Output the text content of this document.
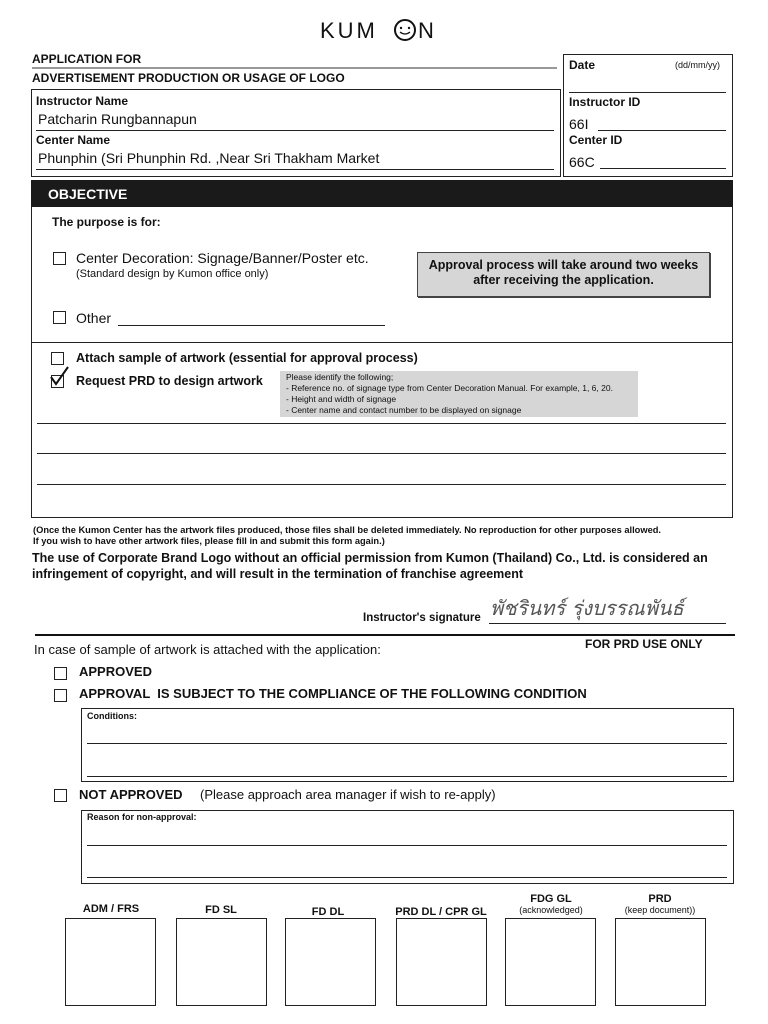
KUM N
APPLICATION FOR
ADVERTISEMENT PRODUCTION OR USAGE OF LOGO
Instructor Name
Patcharin Rungbannapun
Center Name
Phunphin (Sri Phunphin Rd. ,Near Sri Thakham Market
Date	(dd/mm/yy)
Instructor ID
66I
Center ID
66C
OBJECTIVE
The purpose is for:
Center Decoration: Signage/Banner/Poster etc.
(Standard design by Kumon office only)
Approval process will take around two weeks after receiving the application.
Other
Attach sample of artwork (essential for approval process)
Request PRD to design artwork	Please identify the following;
- Reference no. of signage type from Center Decoration Manual. For example, 1, 6, 20.
- Height and width of signage
- Center name and contact number to be displayed on signage
(Once the Kumon Center has the artwork files produced, those files shall be deleted immediately. No reproduction for other purposes allowed.
If you wish to have other artwork files, please fill in and submit this form again.)
The use of Corporate Brand Logo without an official permission from Kumon (Thailand) Co., Ltd. is considered an
infringement of copyright, and will result in the termination of franchise agreement
Instructor's signature พัชรินทร์ รุ่งบรรณพันธ์
FOR PRD USE ONLY
In case of sample of artwork is attached with the application:
APPROVED
APPROVAL  IS SUBJECT TO THE COMPLIANCE OF THE FOLLOWING CONDITION
Conditions:
NOT APPROVED (Please approach area manager if wish to re-apply)
Reason for non-approval:
ADM / FRS	FD SL	FD DL	PRD DL / CPR GL
FDG GL
(acknowledged)
PRD
(keep document))
